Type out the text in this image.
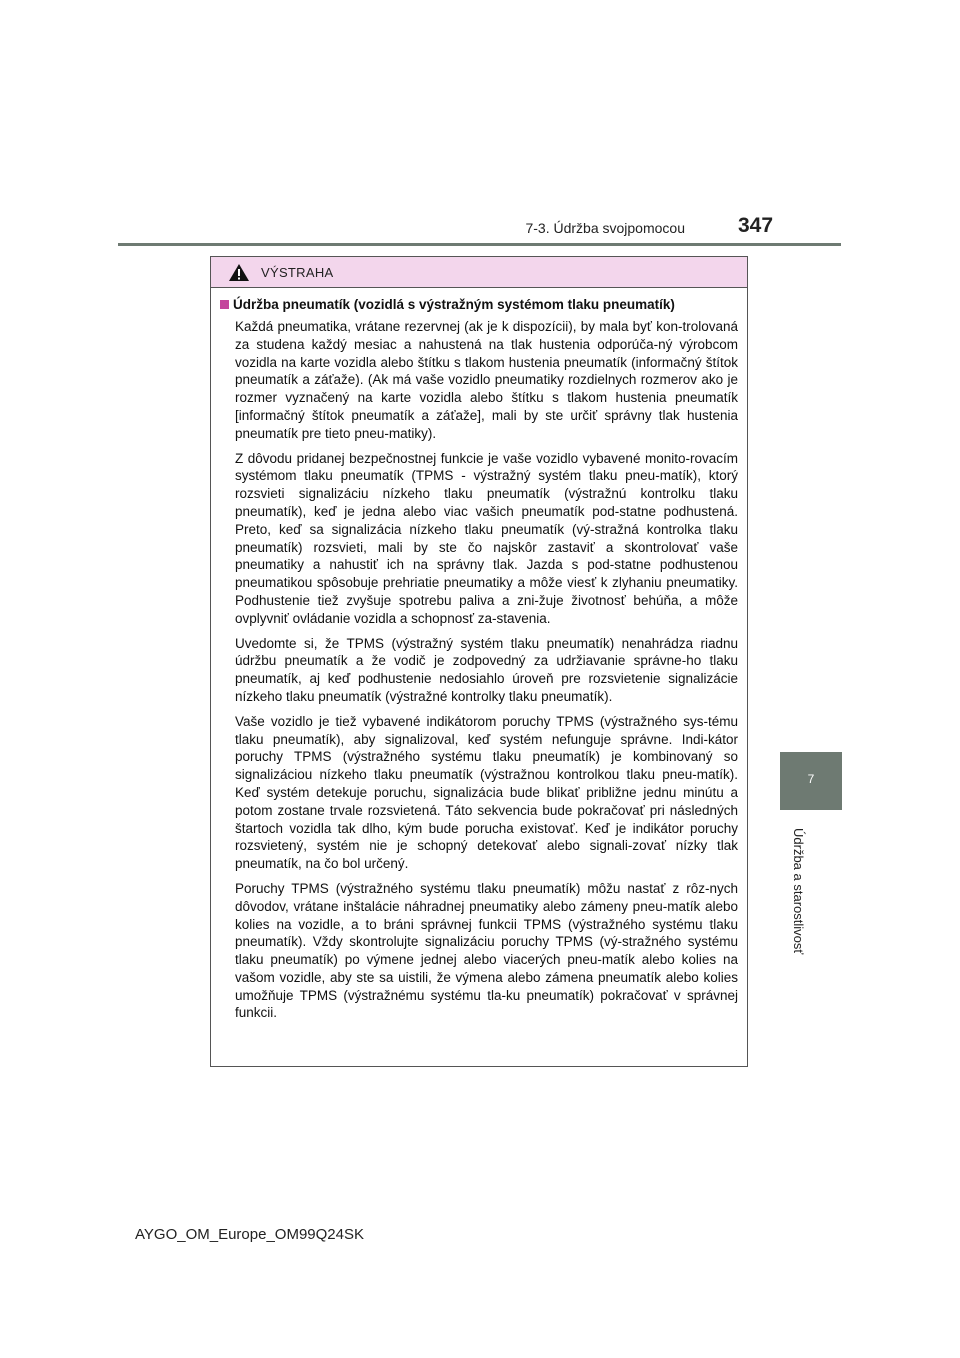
7-3. Údržba svojpomocou	347
7
Údržba a starostlivosť
VÝSTRAHA
Údržba pneumatík (vozidlá s výstražným systémom tlaku pneumatík)

Každá pneumatika, vrátane rezervnej (ak je k dispozícii), by mala byť kon-trolovaná za studena každý mesiac a nahustená na tlak hustenia odporúča-ný výrobcom vozidla na karte vozidla alebo štítku s tlakom hustenia pneumatík (informačný štítok pneumatík a záťaže). (Ak má vaše vozidlo pneumatiky rozdielnych rozmerov ako je rozmer vyznačený na karte vozidla alebo štítku s tlakom hustenia pneumatík [informačný štítok pneumatík a záťaže], mali by ste určiť správny tlak hustenia pneumatík pre tieto pneu-matiky).

Z dôvodu pridanej bezpečnostnej funkcie je vaše vozidlo vybavené monito-rovacím systémom tlaku pneumatík (TPMS - výstražný systém tlaku pneu-matík), ktorý rozsvieti signalizáciu nízkeho tlaku pneumatík (výstražnú kontrolku tlaku pneumatík), keď je jedna alebo viac vašich pneumatík pod-statne podhustená. Preto, keď sa signalizácia nízkeho tlaku pneumatík (vý-stražná kontrolka tlaku pneumatík) rozsvieti, mali by ste čo najskôr zastaviť a skontrolovať vaše pneumatiky a nahustiť ich na správny tlak. Jazda s pod-statne podhustenou pneumatikou spôsobuje prehriatie pneumatiky a môže viesť k zlyhaniu pneumatiky. Podhustenie tiež zvyšuje spotrebu paliva a zni-žuje životnosť behúňa, a môže ovplyvniť ovládanie vozidla a schopnosť za-stavenia.

Uvedomte si, že TPMS (výstražný systém tlaku pneumatík) nenahrádza riadnu údržbu pneumatík a že vodič je zodpovedný za udržiavanie správne-ho tlaku pneumatík, aj keď podhustenie nedosiahlo úroveň pre rozsvietenie signalizácie nízkeho tlaku pneumatík (výstražné kontrolky tlaku pneumatík).

Vaše vozidlo je tiež vybavené indikátorom poruchy TPMS (výstražného sys-tému tlaku pneumatík), aby signalizoval, keď systém nefunguje správne. Indi-kátor poruchy TPMS (výstražného systému tlaku pneumatík) je kombinovaný so signalizáciou nízkeho tlaku pneumatík (výstražnou kontrolkou tlaku pneu-matík). Keď systém detekuje poruchu, signalizácia bude blikať približne jednu minútu a potom zostane trvale rozsvietená. Táto sekvencia bude pokračovať pri následných štartoch vozidla tak dlho, kým bude porucha existovať. Keď je indikátor poruchy rozsvietený, systém nie je schopný detekovať alebo signali-zovať nízky tlak pneumatík, na čo bol určený.

Poruchy TPMS (výstražného systému tlaku pneumatík) môžu nastať z rôz-nych dôvodov, vrátane inštalácie náhradnej pneumatiky alebo zámeny pneu-matík alebo kolies na vozidle, a to bráni správnej funkcii TPMS (výstražného systému tlaku pneumatík). Vždy skontrolujte signalizáciu poruchy TPMS (vý-stražného systému tlaku pneumatík) po výmene jednej alebo viacerých pneu-matík alebo kolies na vašom vozidle, aby ste sa uistili, že výmena alebo zámena pneumatík alebo kolies umožňuje TPMS (výstražnému systému tla-ku pneumatík) pokračovať v správnej funkcii.

AYGO_OM_Europe_OM99Q24SK
